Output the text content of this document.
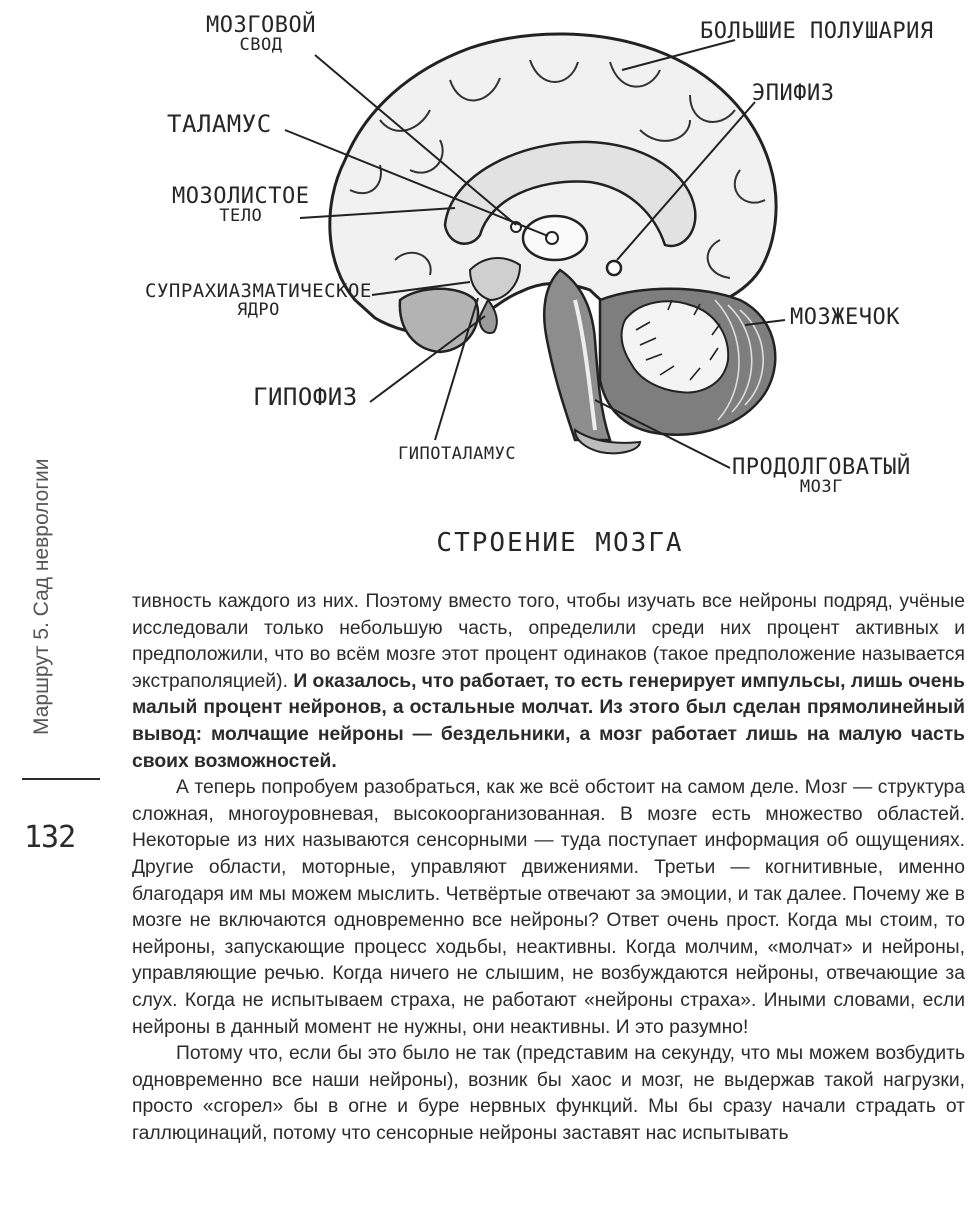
МОЗГОВОЙ
СВОД
БОЛЬШИЕ ПОЛУШАРИЯ
ТАЛАМУС
ЭПИФИЗ
МОЗОЛИСТОЕ
ТЕЛО
СУПРАХИАЗМАТИЧЕСКОЕ
ЯДРО	МОЗЖЕЧОК
ГИПОФИЗ
ГИПОТАЛАМУС
ПРОДОЛГОВАТЫЙ
МОЗГ
СТРОЕНИЕ МОЗГА
Маршрут 5. Сад неврологии
132

тивность каждого из них. Поэтому вместо того, чтобы изучать все нейроны подряд, учёные исследовали только небольшую часть, определили среди них процент активных и предположили, что во всём мозге этот процент одинаков (такое предположение называется экстраполяцией). И оказалось, что работает, то есть генерирует импульсы, лишь очень малый процент нейронов, а остальные молчат. Из этого был сделан прямолинейный вывод: молчащие нейроны — бездельники, а мозг работает лишь на малую часть своих возможностей.

А теперь попробуем разобраться, как же всё обстоит на самом деле. Мозг — структура сложная, многоуровневая, высокоорганизованная. В мозге есть множество областей. Некоторые из них называются сенсорными — туда поступает информация об ощущениях. Другие области, моторные, управляют движениями. Третьи — когнитивные, именно благодаря им мы можем мыслить. Четвёртые отвечают за эмоции, и так далее. Почему же в мозге не включаются одновременно все нейроны? Ответ очень прост. Когда мы стоим, то нейроны, запускающие процесс ходьбы, неактивны. Когда молчим, «молчат» и нейроны, управляющие речью. Когда ничего не слышим, не возбуждаются нейроны, отвечающие за слух. Когда не испытываем страха, не работают «нейроны страха». Иными словами, если нейроны в данный момент не нужны, они неактивны. И это разумно!

Потому что, если бы это было не так (представим на секунду, что мы можем возбудить одновременно все наши нейроны), возник бы хаос и мозг, не выдержав такой нагрузки, просто «сгорел» бы в огне и буре нервных функций. Мы бы сразу начали страдать от галлюцинаций, потому что сенсорные нейроны заставят нас испытывать
